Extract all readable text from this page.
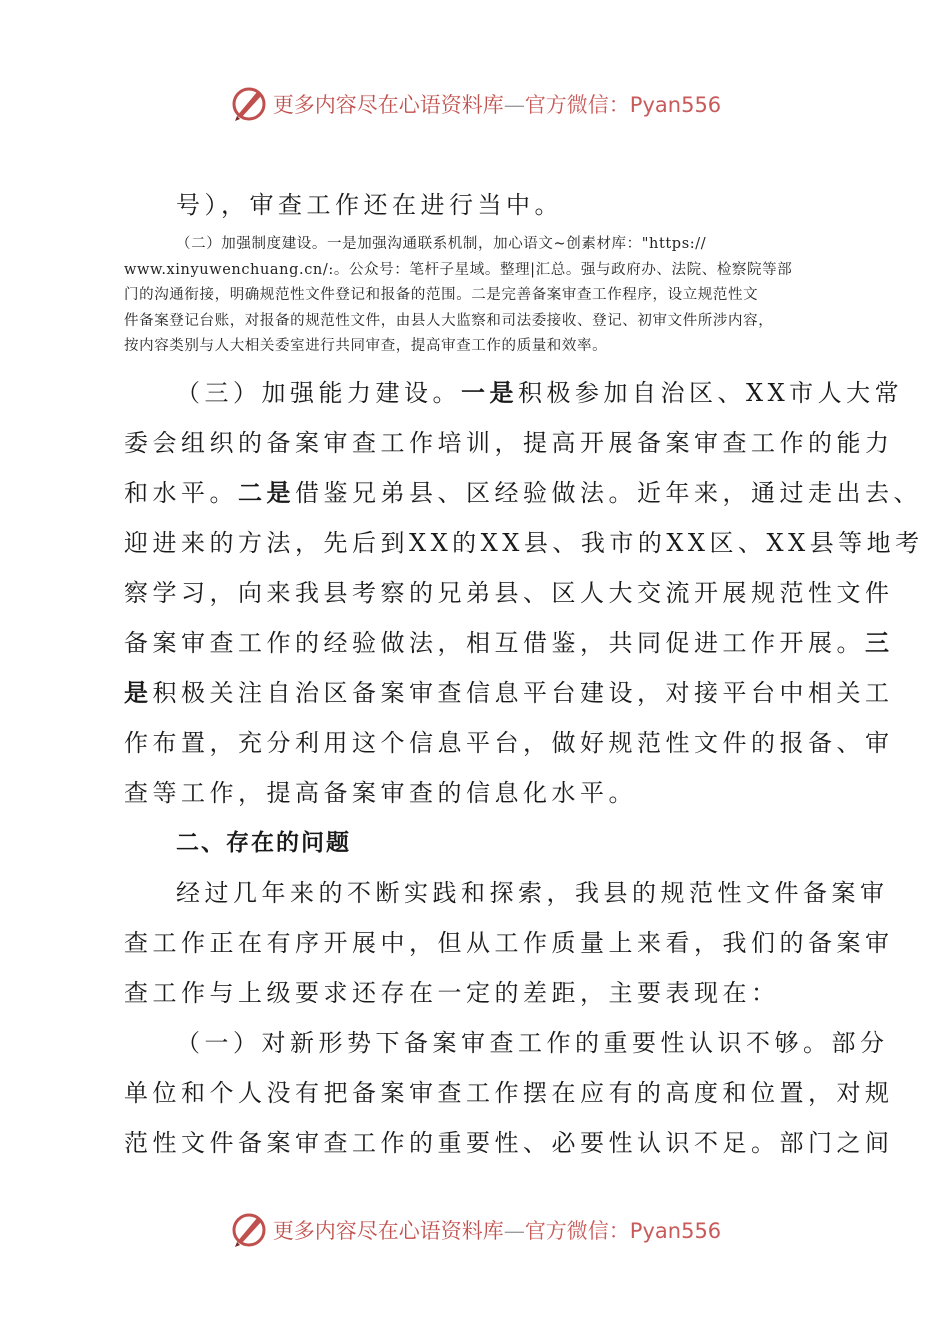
更多内容尽在心语资料库—官方微信：Pyan556

号），审查工作还在进行当中。

（二）加强制度建设。一是加强沟通联系机制，加心语文~创素材库："https://
www.xinyuwenchuang.cn/:。公众号：笔杆子星域。整理|汇总。强与政府办、法院、检察院等部
门的沟通衔接，明确规范性文件登记和报备的范围。二是完善备案审查工作程序，设立规范性文
件备案登记台账，对报备的规范性文件，由县人大监察和司法委接收、登记、初审文件所涉内容，
按内容类别与人大相关委室进行共同审查，提高审查工作的质量和效率。

（三）加强能力建设。一是积极参加自治区、XX市人大常

委会组织的备案审查工作培训，提高开展备案审查工作的能力

和水平。二是借鉴兄弟县、区经验做法。近年来，通过走出去、

迎进来的方法，先后到XX的XX县、我市的XX区、XX县等地考

察学习，向来我县考察的兄弟县、区人大交流开展规范性文件

备案审查工作的经验做法，相互借鉴，共同促进工作开展。三

是积极关注自治区备案审查信息平台建设，对接平台中相关工

作布置，充分利用这个信息平台，做好规范性文件的报备、审

查等工作，提高备案审查的信息化水平。

二、存在的问题

经过几年来的不断实践和探索，我县的规范性文件备案审

查工作正在有序开展中，但从工作质量上来看，我们的备案审

查工作与上级要求还存在一定的差距，主要表现在：

（一）对新形势下备案审查工作的重要性认识不够。部分

单位和个人没有把备案审查工作摆在应有的高度和位置，对规

范性文件备案审查工作的重要性、必要性认识不足。部门之间

更多内容尽在心语资料库—官方微信：Pyan556
